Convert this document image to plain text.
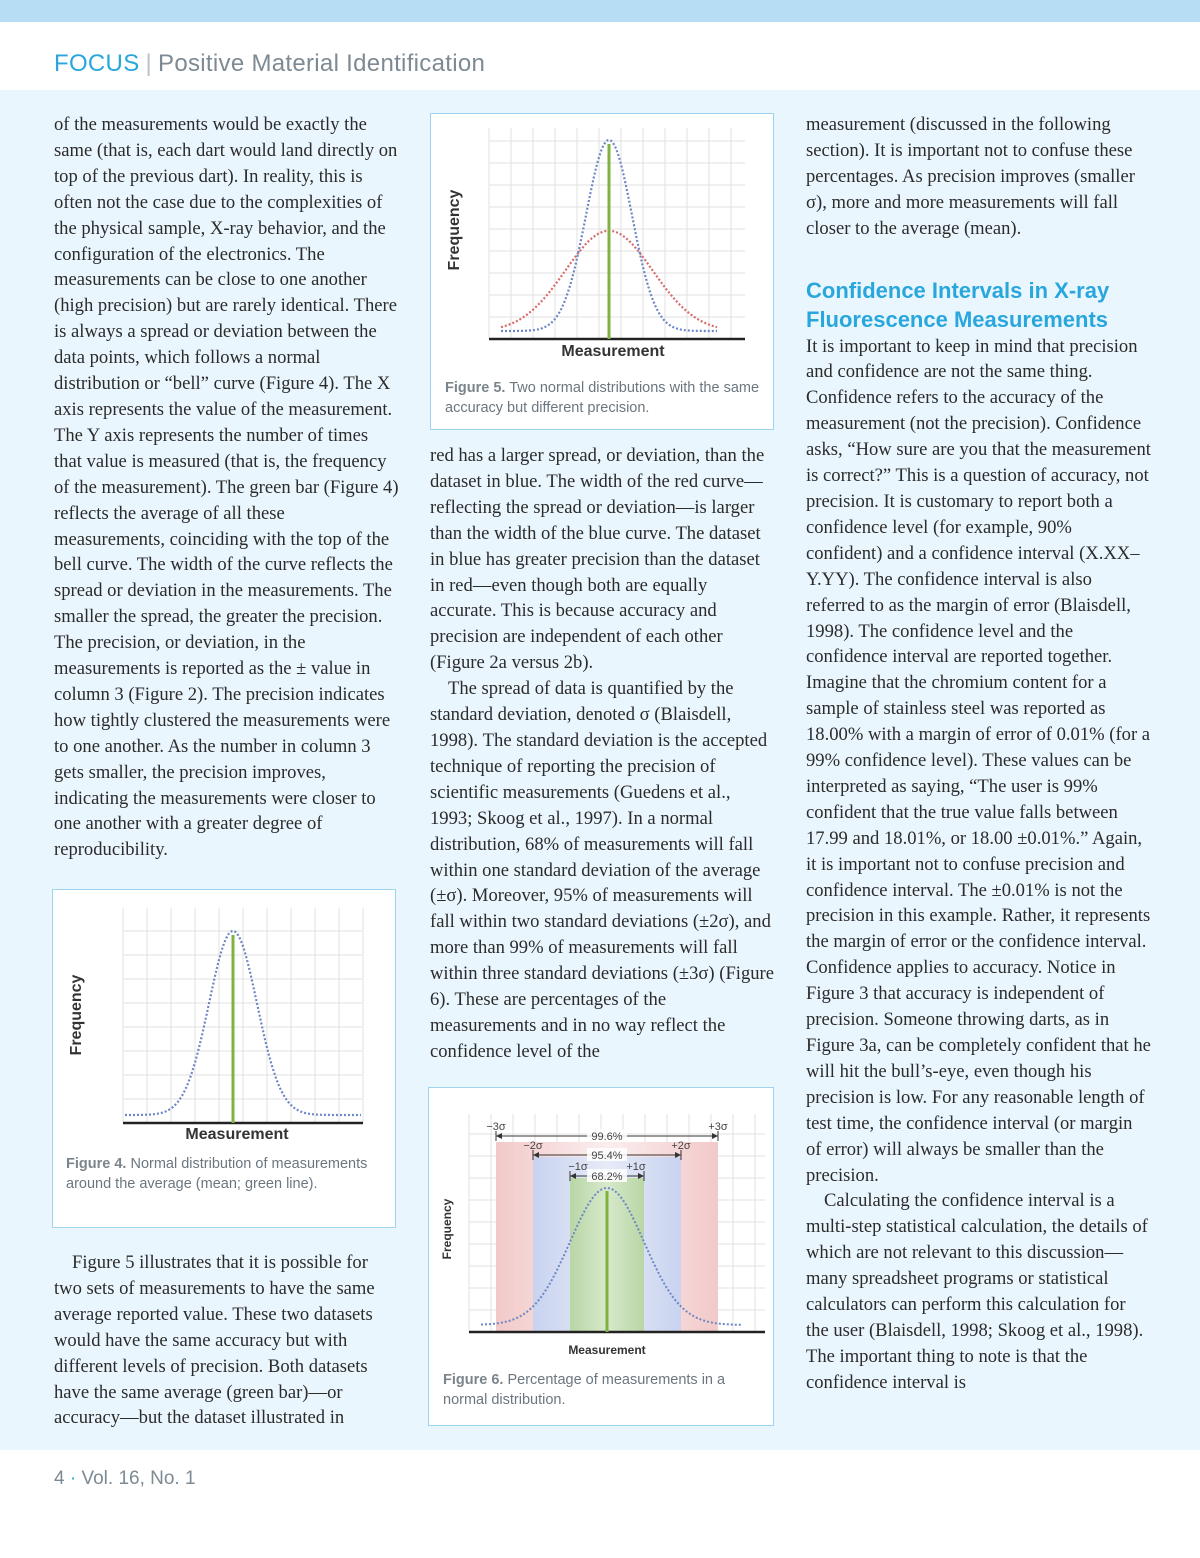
FOCUS | Positive Material Identification

of the measurements would be exactly the same (that is, each dart would land directly on top of the previous dart). In reality, this is often not the case due to the complexities of the physical sample, X-ray behavior, and the configuration of the electronics. The measurements can be close to one another (high precision) but are rarely identical. There is always a spread or deviation between the data points, which follows a normal distribution or “bell” curve (Figure 4). The X axis represents the value of the measurement. The Y axis represents the number of times that value is measured (that is, the frequency of the measurement). The green bar (Figure 4) reflects the average of all these measurements, coinciding with the top of the bell curve. The width of the curve reflects the spread or deviation in the measurements. The smaller the spread, the greater the precision. The precision, or deviation, in the measurements is reported as the ± value in column 3 (Figure 2). The precision indicates how tightly clustered the measurements were to one another. As the number in column 3 gets smaller, the precision improves, indicating the measurements were closer to one another with a greater degree of reproducibility.

Measurement
Frequency
Figure 4. Normal distribution of measurements around the average (mean; green line).

Figure 5 illustrates that it is possible for two sets of measurements to have the same average reported value. These two datasets would have the same accuracy but with different levels of precision. Both datasets have the same average (green bar)—or accuracy—but the dataset illustrated in

Measurement
Frequency
Figure 5. Two normal distributions with the same accuracy but different precision.

red has a larger spread, or deviation, than the dataset in blue. The width of the red curve—reflecting the spread or deviation—is larger than the width of the blue curve. The dataset in blue has greater precision than the dataset in red—even though both are equally accurate. This is because accuracy and precision are independent of each other (Figure 2a versus 2b).

The spread of data is quantified by the standard deviation, denoted σ (Blaisdell, 1998). The standard deviation is the accepted technique of reporting the precision of scientific measurements (Guedens et al., 1993; Skoog et al., 1997). In a normal distribution, 68% of measurements will fall within one standard deviation of the average (±σ). Moreover, 95% of measurements will fall within two standard deviations (±2σ), and more than 99% of measurements will fall within three standard deviations (±3σ) (Figure 6). These are percentages of the measurements and in no way reflect the confidence level of the

99.6%
−3σ	+3σ
95.4%
−2σ	+2σ
68.2%
−1σ	+1σ
Measurement
Frequency
Figure 6. Percentage of measurements in a normal distribution.

measurement (discussed in the following section). It is important not to confuse these percentages. As precision improves (smaller σ), more and more measurements will fall closer to the average (mean).

Confidence Intervals in X-ray Fluorescence Measurements

It is important to keep in mind that precision and confidence are not the same thing. Confidence refers to the accuracy of the measurement (not the precision). Confidence asks, “How sure are you that the measurement is correct?” This is a question of accuracy, not precision. It is customary to report both a confidence level (for example, 90% confident) and a confidence interval (X.XX–Y.YY). The confidence interval is also referred to as the margin of error (Blaisdell, 1998). The confidence level and the confidence interval are reported together. Imagine that the chromium content for a sample of stainless steel was reported as 18.00% with a margin of error of 0.01% (for a 99% confidence level). These values can be interpreted as saying, “The user is 99% confident that the true value falls between 17.99 and 18.01%, or 18.00 ±0.01%.” Again, it is important not to confuse precision and confidence interval. The ±0.01% is not the precision in this example. Rather, it represents the margin of error or the confidence interval. Confidence applies to accuracy. Notice in Figure 3 that accuracy is independent of precision. Someone throwing darts, as in Figure 3a, can be completely confident that he will hit the bull’s-eye, even though his precision is low. For any reasonable length of test time, the confidence interval (or margin of error) will always be smaller than the precision.

Calculating the confidence interval is a multi-step statistical calculation, the details of which are not relevant to this discussion—many spreadsheet programs or statistical calculators can perform this calculation for the user (Blaisdell, 1998; Skoog et al., 1998). The important thing to note is that the confidence interval is

4 · Vol. 16, No. 1
